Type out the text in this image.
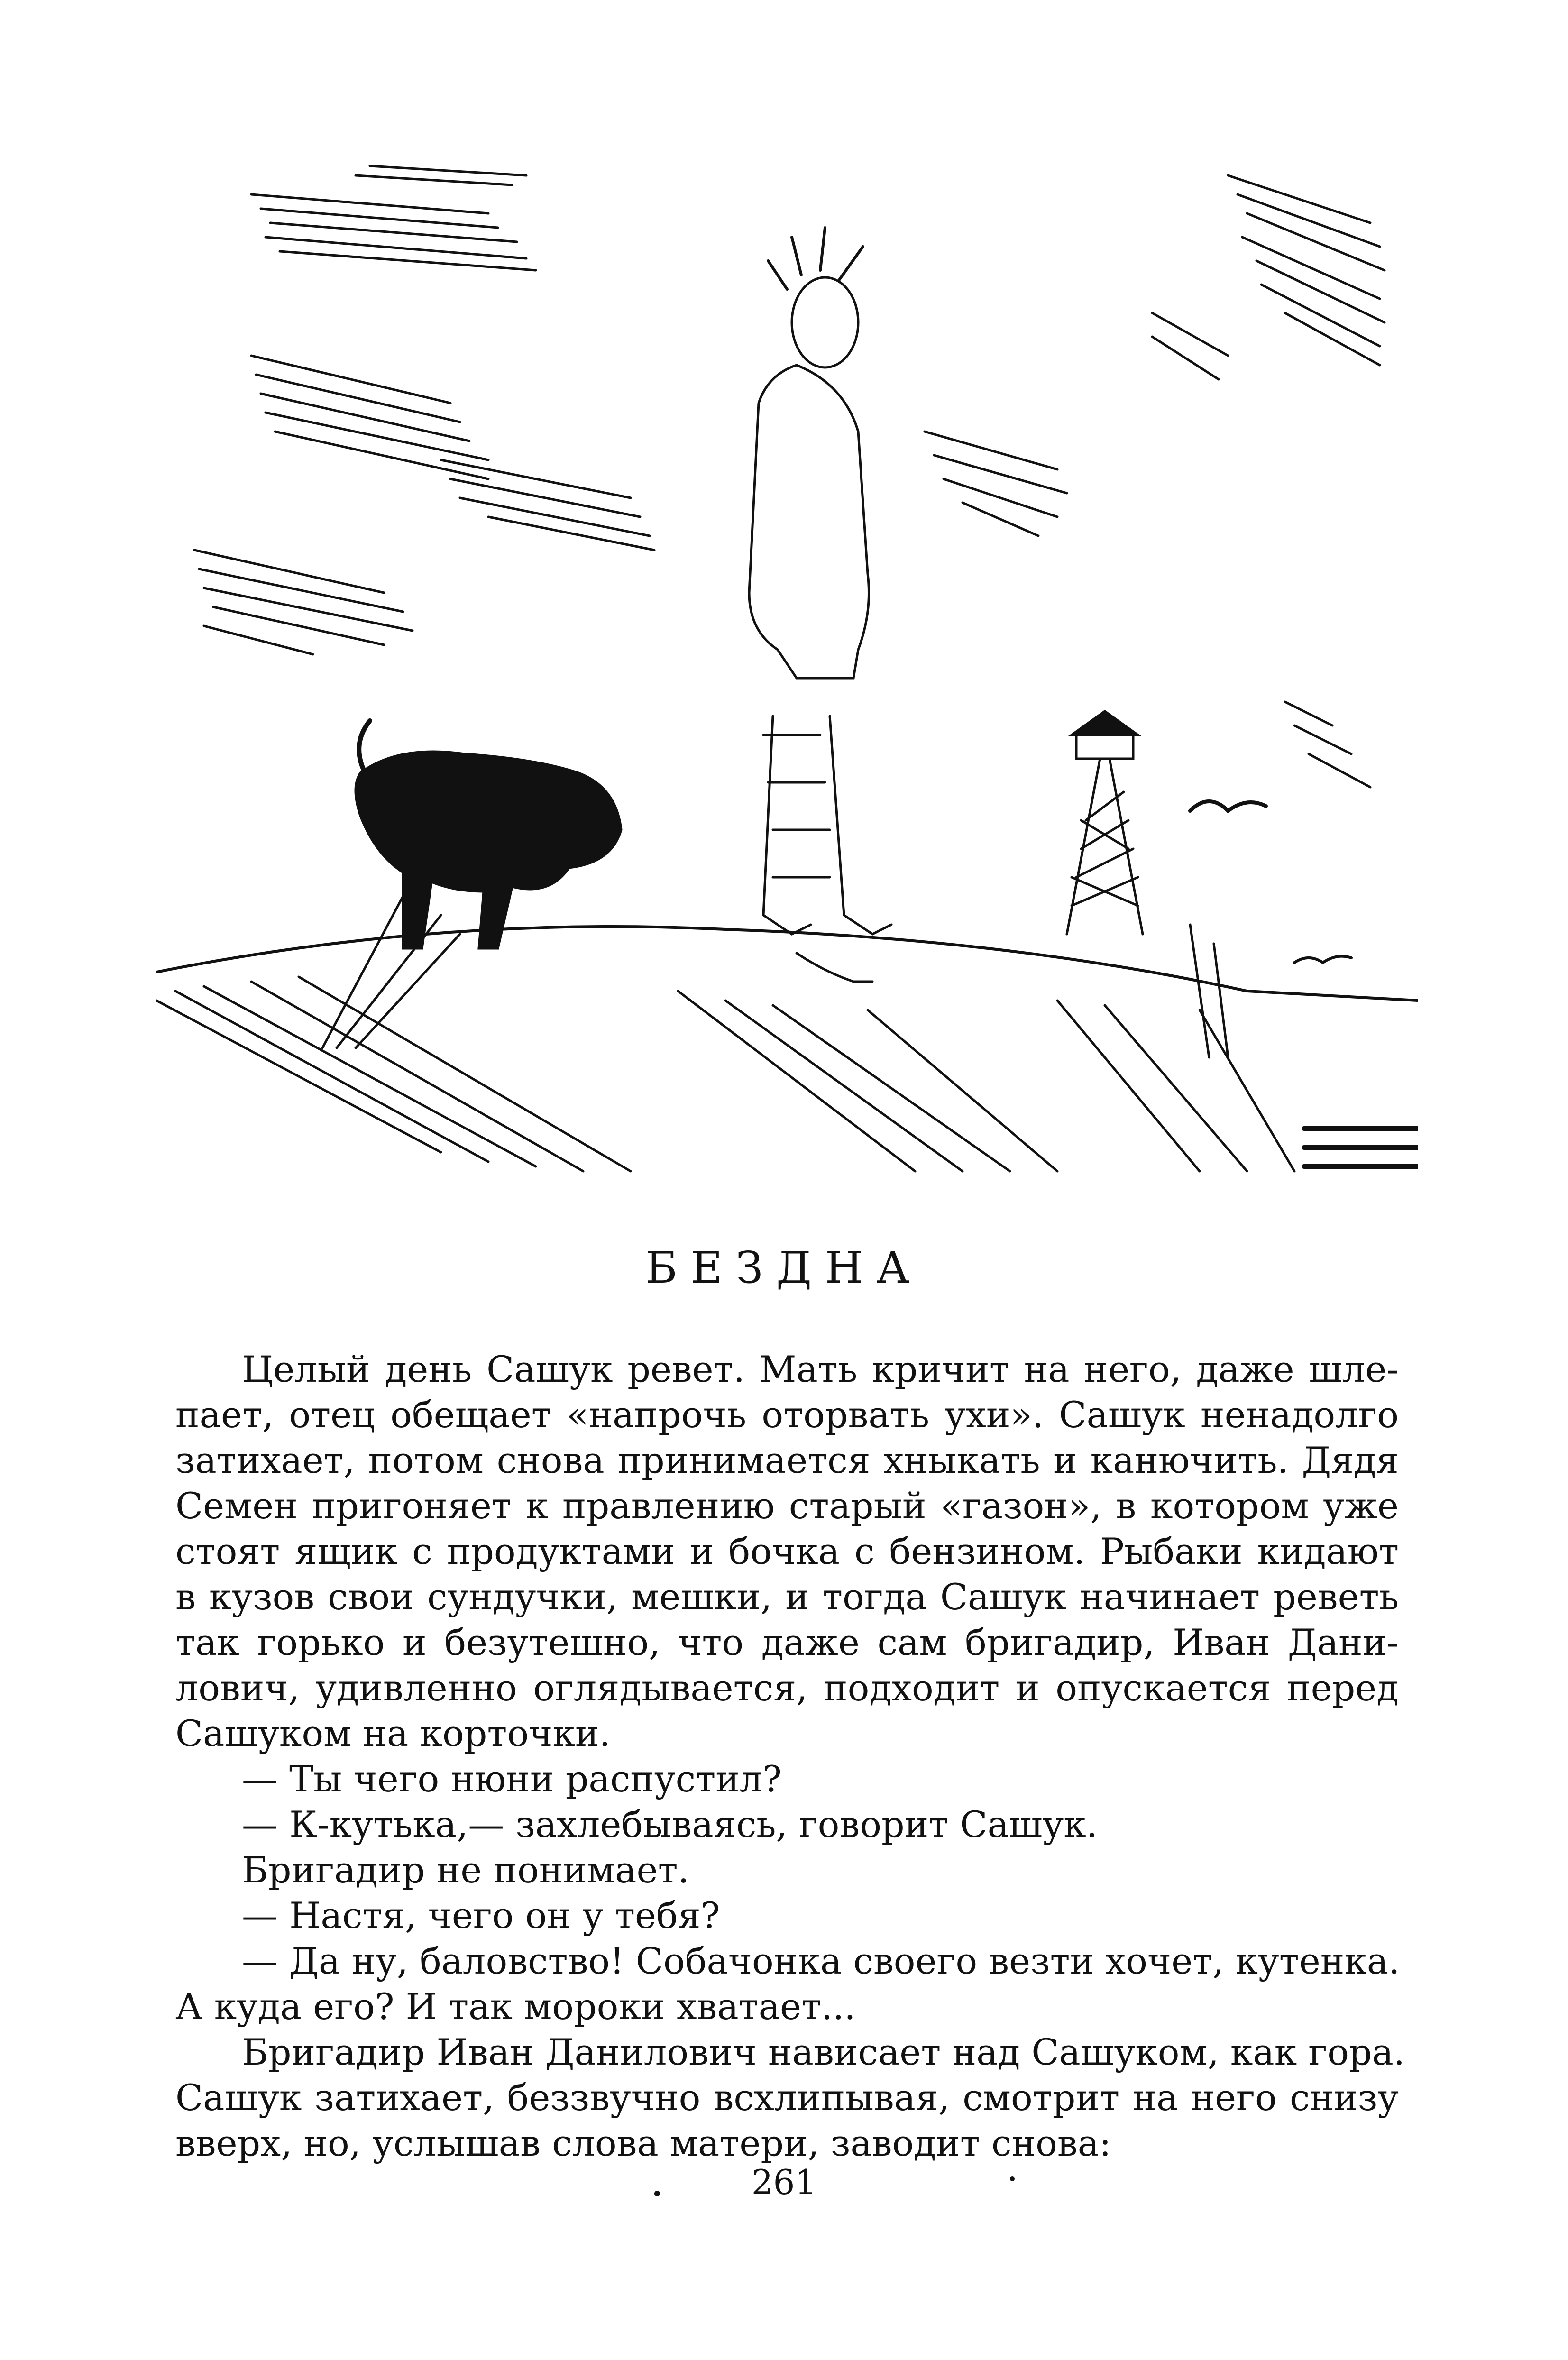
БЕЗДНА
Целый день Сашук ревет. Мать кричит на него, даже шле-
пает, отец обещает «напрочь оторвать ухи». Сашук ненадолго
затихает, потом снова принимается хныкать и канючить. Дядя
Семен пригоняет к правлению старый «газон», в котором уже
стоят ящик с продуктами и бочка с бензином. Рыбаки кидают
в кузов свои сундучки, мешки, и тогда Сашук начинает реветь
так горько и безутешно, что даже сам бригадир, Иван Дани-
лович, удивленно оглядывается, подходит и опускается перед
Сашуком на корточки.
— Ты чего нюни распустил?
— К-кутька,— захлебываясь, говорит Сашук.
Бригадир не понимает.
— Настя, чего он у тебя?
— Да ну, баловство! Собачонка своего везти хочет, кутенка.
А куда его? И так мороки хватает...
Бригадир Иван Данилович нависает над Сашуком, как гора.
Сашук затихает, беззвучно всхлипывая, смотрит на него снизу
вверх, но, услышав слова матери, заводит снова:
261
